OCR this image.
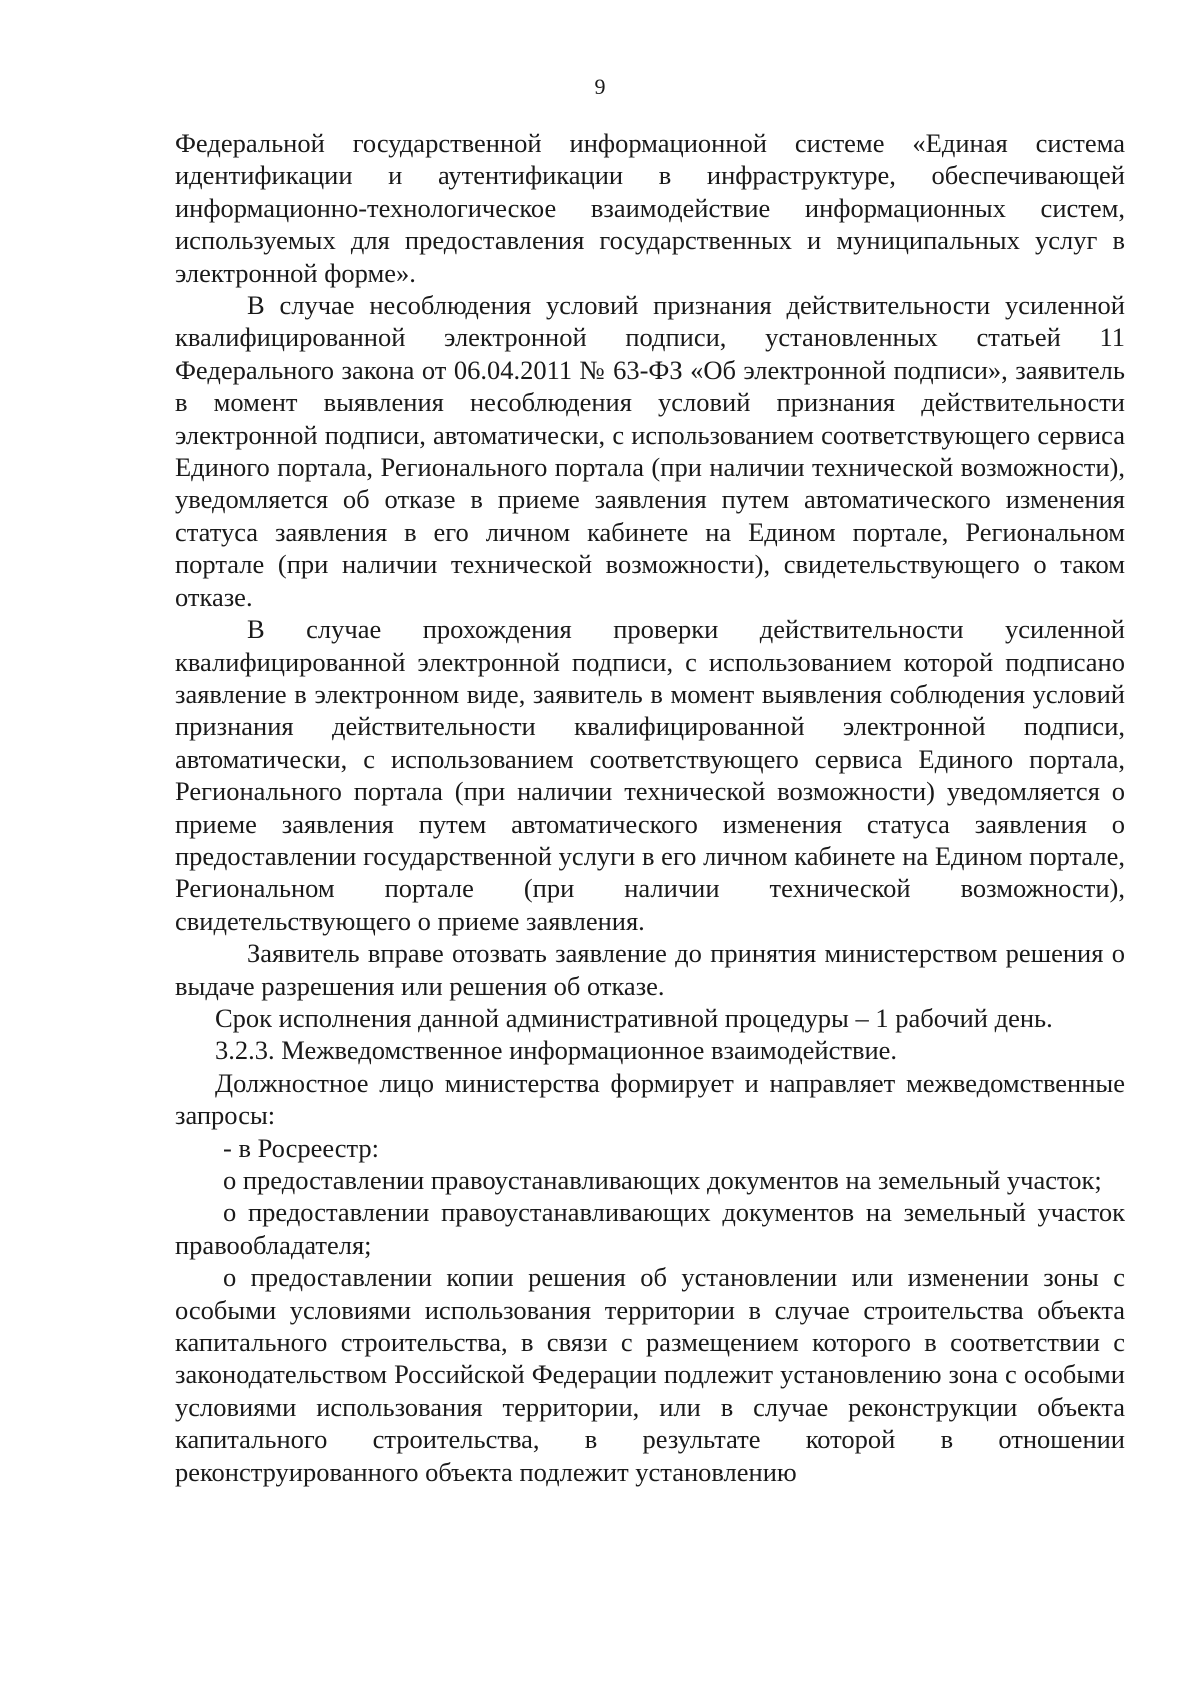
9

Федеральной государственной информационной системе «Единая система идентификации и аутентификации в инфраструктуре, обеспечивающей информационно-технологическое взаимодействие информационных систем, используемых для предоставления государственных и муниципальных услуг в электронной форме».

В случае несоблюдения условий признания действительности усиленной квалифицированной электронной подписи, установленных статьей 11 Федерального закона от 06.04.2011 № 63-ФЗ «Об электронной подписи», заявитель в момент выявления несоблюдения условий признания действительности электронной подписи, автоматически, с использованием соответствующего сервиса Единого портала, Регионального портала (при наличии технической возможности), уведомляется об отказе в приеме заявления путем автоматического изменения статуса заявления в его личном кабинете на Едином портале, Региональном портале (при наличии технической возможности), свидетельствующего о таком отказе.

В случае прохождения проверки действительности усиленной квалифицированной электронной подписи, с использованием которой подписано заявление в электронном виде, заявитель в момент выявления соблюдения условий признания действительности квалифицированной электронной подписи, автоматически, с использованием соответствующего сервиса Единого портала, Регионального портала (при наличии технической возможности) уведомляется о приеме заявления путем автоматического изменения статуса заявления о предоставлении государственной услуги в его личном кабинете на Едином портале, Региональном портале (при наличии технической возможности), свидетельствующего о приеме заявления.

Заявитель вправе отозвать заявление до принятия министерством решения о выдаче разрешения или решения об отказе.

Срок исполнения данной административной процедуры – 1 рабочий день.

3.2.3. Межведомственное информационное взаимодействие.

Должностное лицо министерства формирует и направляет межведомственные запросы:

- в Росреестр:

о предоставлении правоустанавливающих документов на земельный участок;

о предоставлении правоустанавливающих документов на земельный участок правообладателя;

о предоставлении копии решения об установлении или изменении зоны с особыми условиями использования территории в случае строительства объекта капитального строительства, в связи с размещением которого в соответствии с законодательством Российской Федерации подлежит установлению зона с особыми условиями использования территории, или в случае реконструкции объекта капитального строительства, в результате которой в отношении реконструированного объекта подлежит установлению
